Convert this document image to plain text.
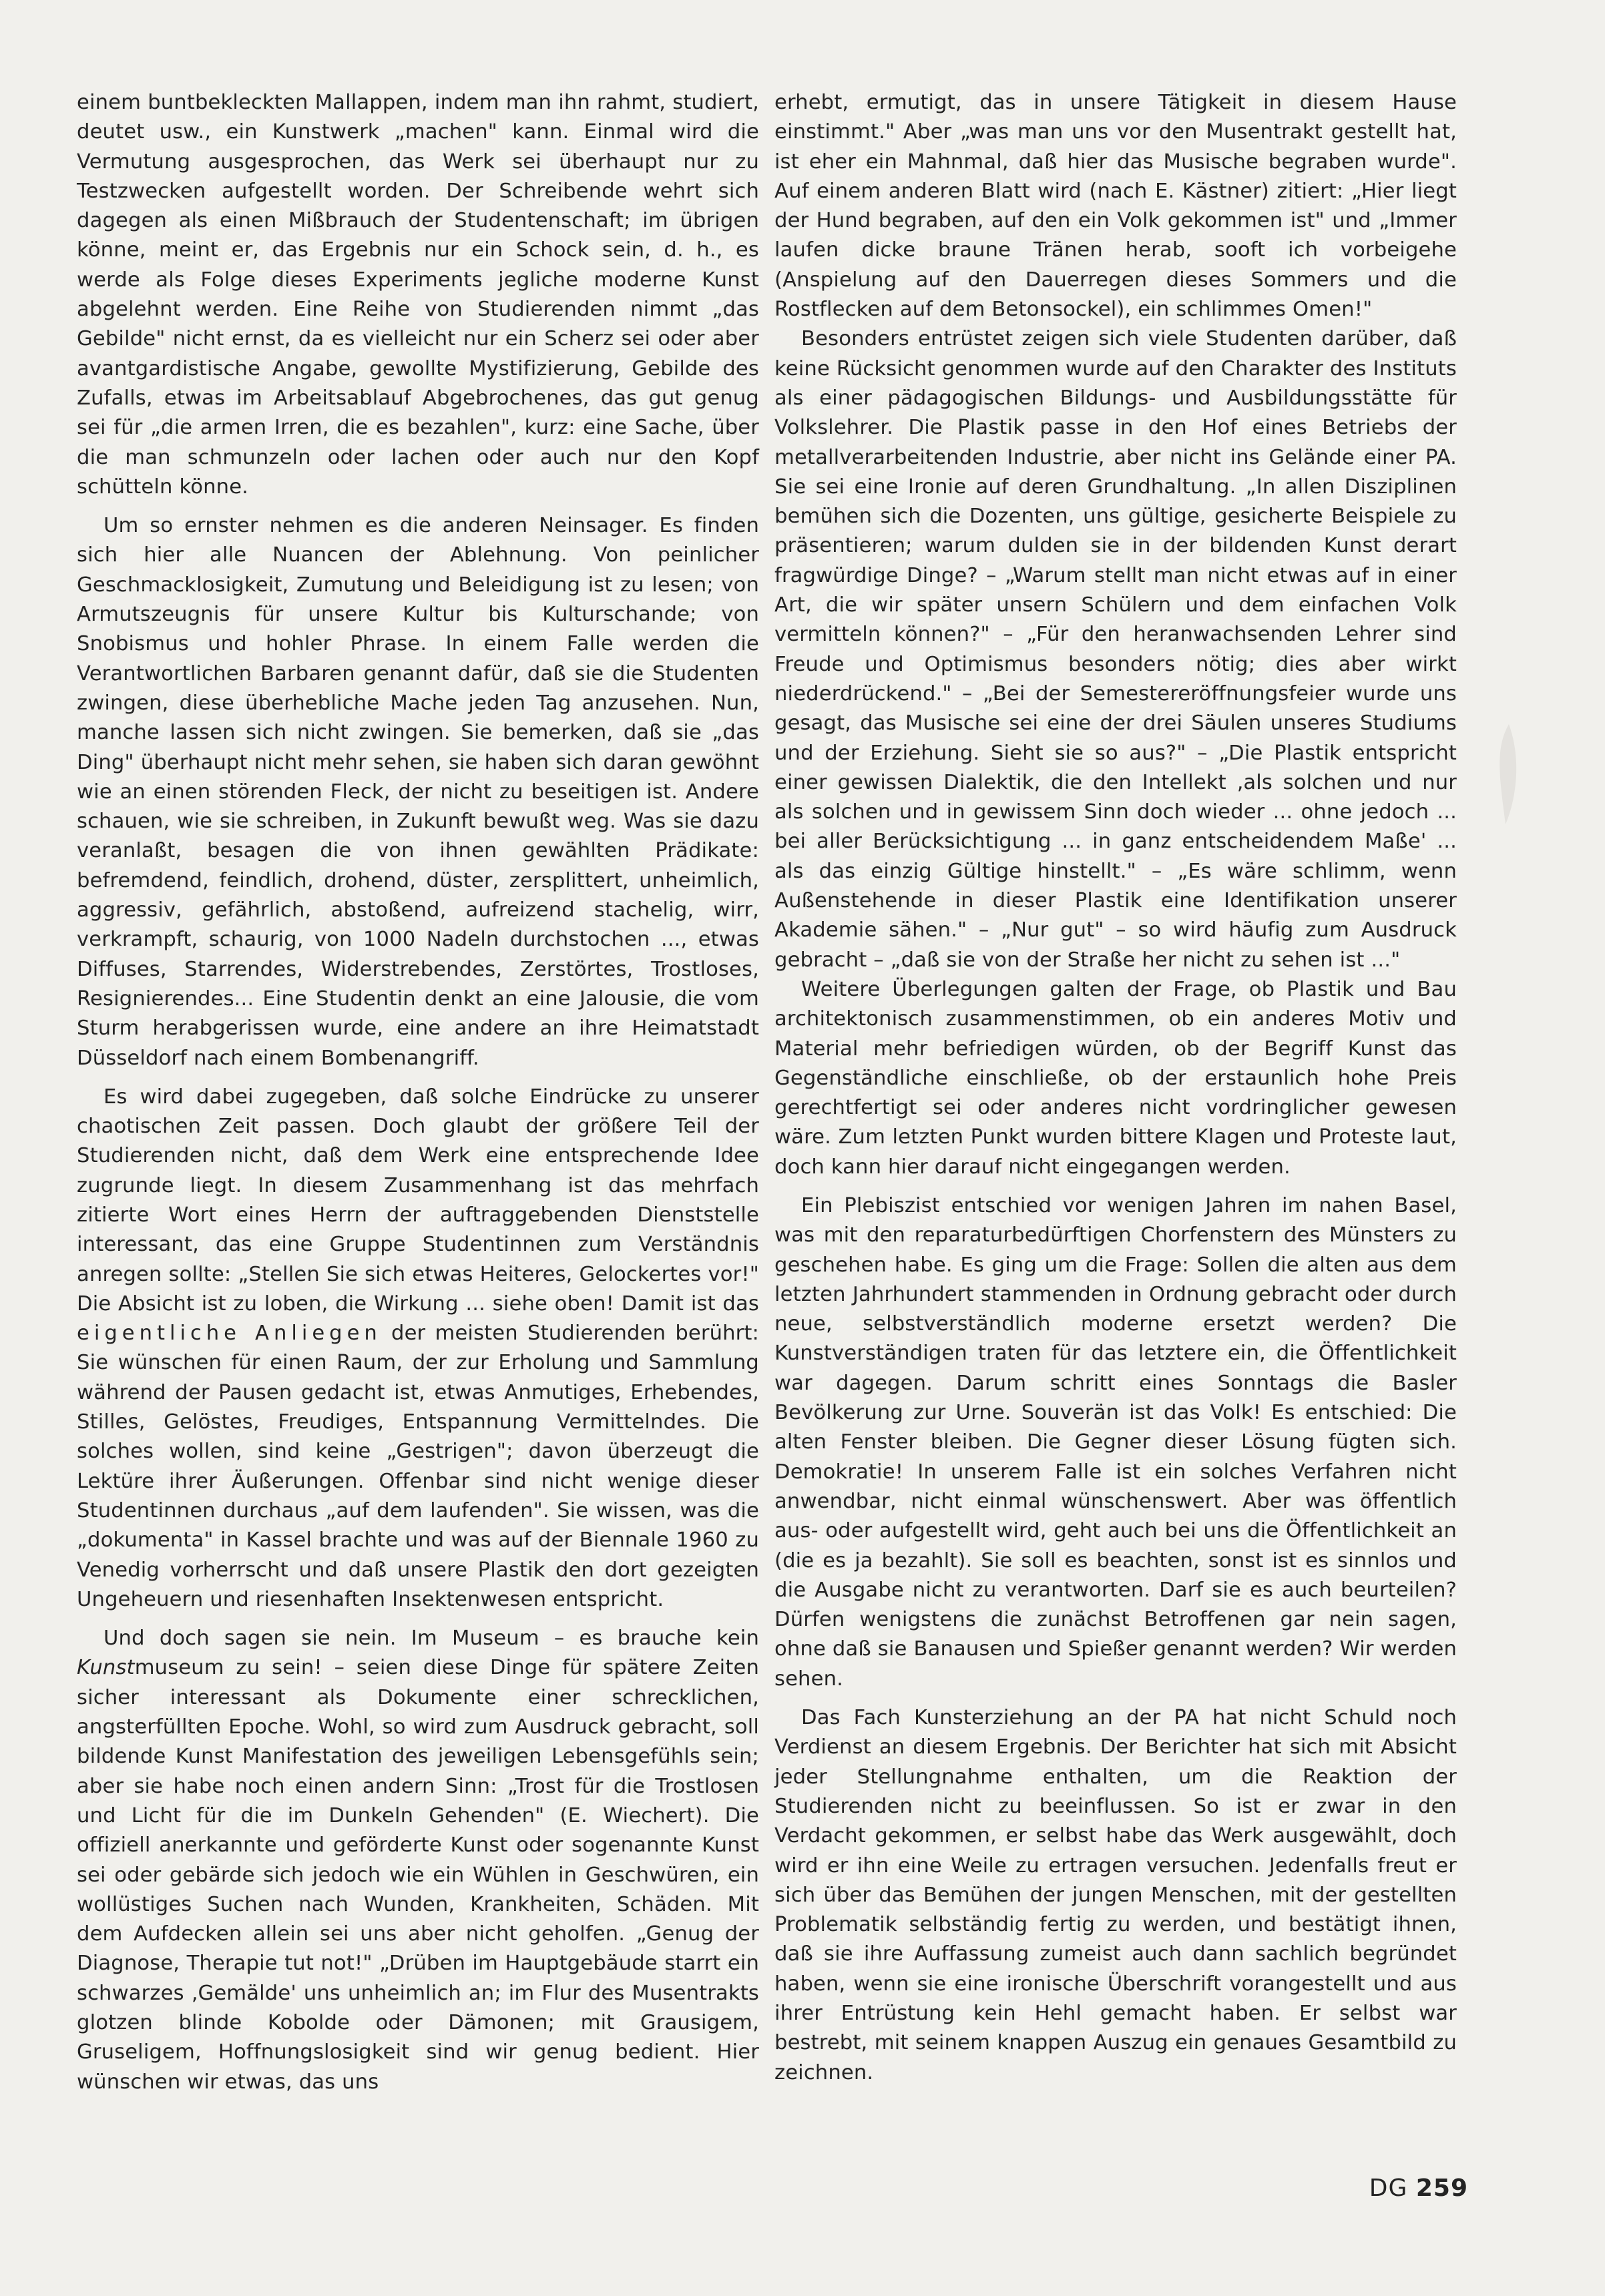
einem buntbekleckten Mallappen, indem man ihn rahmt, studiert, deutet usw., ein Kunstwerk „machen" kann. Einmal wird die Vermutung ausgesprochen, das Werk sei überhaupt nur zu Testzwecken aufgestellt worden. Der Schreibende wehrt sich dagegen als einen Mißbrauch der Studentenschaft; im übrigen könne, meint er, das Ergebnis nur ein Schock sein, d. h., es werde als Folge dieses Experiments jegliche moderne Kunst abgelehnt werden. Eine Reihe von Studierenden nimmt „das Gebilde" nicht ernst, da es vielleicht nur ein Scherz sei oder aber avantgardistische Angabe, gewollte Mystifizierung, Gebilde des Zufalls, etwas im Arbeitsablauf Abgebrochenes, das gut genug sei für „die armen Irren, die es bezahlen", kurz: eine Sache, über die man schmunzeln oder lachen oder auch nur den Kopf schütteln könne.

Um so ernster nehmen es die anderen Neinsager. Es finden sich hier alle Nuancen der Ablehnung. Von peinlicher Geschmacklosigkeit, Zumutung und Beleidigung ist zu lesen; von Armutszeugnis für unsere Kultur bis Kulturschande; von Snobismus und hohler Phrase. In einem Falle werden die Verantwortlichen Barbaren genannt dafür, daß sie die Studenten zwingen, diese überhebliche Mache jeden Tag anzusehen. Nun, manche lassen sich nicht zwingen. Sie bemerken, daß sie „das Ding" überhaupt nicht mehr sehen, sie haben sich daran gewöhnt wie an einen störenden Fleck, der nicht zu beseitigen ist. Andere schauen, wie sie schreiben, in Zukunft bewußt weg. Was sie dazu veranlaßt, besagen die von ihnen gewählten Prädikate: befremdend, feindlich, drohend, düster, zersplittert, unheimlich, aggressiv, gefährlich, abstoßend, aufreizend stachelig, wirr, verkrampft, schaurig, von 1000 Nadeln durchstochen ..., etwas Diffuses, Starrendes, Widerstrebendes, Zerstörtes, Trostloses, Resignierendes... Eine Studentin denkt an eine Jalousie, die vom Sturm herabgerissen wurde, eine andere an ihre Heimatstadt Düsseldorf nach einem Bombenangriff.

Es wird dabei zugegeben, daß solche Eindrücke zu unserer chaotischen Zeit passen. Doch glaubt der größere Teil der Studierenden nicht, daß dem Werk eine entsprechende Idee zugrunde liegt. In diesem Zusammenhang ist das mehrfach zitierte Wort eines Herrn der auftraggebenden Dienststelle interessant, das eine Gruppe Studentinnen zum Verständnis anregen sollte: „Stellen Sie sich etwas Heiteres, Gelockertes vor!" Die Absicht ist zu loben, die Wirkung ... siehe oben! Damit ist das eigentliche Anliegen der meisten Studierenden berührt: Sie wünschen für einen Raum, der zur Erholung und Sammlung während der Pausen gedacht ist, etwas Anmutiges, Erhebendes, Stilles, Gelöstes, Freudiges, Entspannung Vermittelndes. Die solches wollen, sind keine „Gestrigen"; davon überzeugt die Lektüre ihrer Äußerungen. Offenbar sind nicht wenige dieser Studentinnen durchaus „auf dem laufenden". Sie wissen, was die „dokumenta" in Kassel brachte und was auf der Biennale 1960 zu Venedig vorherrscht und daß unsere Plastik den dort gezeigten Ungeheuern und riesenhaften Insektenwesen entspricht.

Und doch sagen sie nein. Im Museum – es brauche kein Kunstmuseum zu sein! – seien diese Dinge für spätere Zeiten sicher interessant als Dokumente einer schrecklichen, angsterfüllten Epoche. Wohl, so wird zum Ausdruck gebracht, soll bildende Kunst Manifestation des jeweiligen Lebensgefühls sein; aber sie habe noch einen andern Sinn: „Trost für die Trostlosen und Licht für die im Dunkeln Gehenden" (E. Wiechert). Die offiziell anerkannte und geförderte Kunst oder sogenannte Kunst sei oder gebärde sich jedoch wie ein Wühlen in Geschwüren, ein wollüstiges Suchen nach Wunden, Krankheiten, Schäden. Mit dem Aufdecken allein sei uns aber nicht geholfen. „Genug der Diagnose, Therapie tut not!" „Drüben im Hauptgebäude starrt ein schwarzes ‚Gemälde' uns unheimlich an; im Flur des Musentrakts glotzen blinde Kobolde oder Dämonen; mit Grausigem, Gruseligem, Hoffnungslosigkeit sind wir genug bedient. Hier wünschen wir etwas, das uns

erhebt, ermutigt, das in unsere Tätigkeit in diesem Hause einstimmt." Aber „was man uns vor den Musentrakt gestellt hat, ist eher ein Mahnmal, daß hier das Musische begraben wurde". Auf einem anderen Blatt wird (nach E. Kästner) zitiert: „Hier liegt der Hund begraben, auf den ein Volk gekommen ist" und „Immer laufen dicke braune Tränen herab, sooft ich vorbeigehe (Anspielung auf den Dauerregen dieses Sommers und die Rostflecken auf dem Betonsockel), ein schlimmes Omen!"

Besonders entrüstet zeigen sich viele Studenten darüber, daß keine Rücksicht genommen wurde auf den Charakter des Instituts als einer pädagogischen Bildungs- und Ausbildungsstätte für Volkslehrer. Die Plastik passe in den Hof eines Betriebs der metallverarbeitenden Industrie, aber nicht ins Gelände einer PA. Sie sei eine Ironie auf deren Grundhaltung. „In allen Disziplinen bemühen sich die Dozenten, uns gültige, gesicherte Beispiele zu präsentieren; warum dulden sie in der bildenden Kunst derart fragwürdige Dinge? – „Warum stellt man nicht etwas auf in einer Art, die wir später unsern Schülern und dem einfachen Volk vermitteln können?" – „Für den heranwachsenden Lehrer sind Freude und Optimismus besonders nötig; dies aber wirkt niederdrückend." – „Bei der Semestereröffnungsfeier wurde uns gesagt, das Musische sei eine der drei Säulen unseres Studiums und der Erziehung. Sieht sie so aus?" – „Die Plastik entspricht einer gewissen Dialektik, die den Intellekt ‚als solchen und nur als solchen und in gewissem Sinn doch wieder ... ohne jedoch ... bei aller Berücksichtigung ... in ganz entscheidendem Maße' ... als das einzig Gültige hinstellt." – „Es wäre schlimm, wenn Außenstehende in dieser Plastik eine Identifikation unserer Akademie sähen." – „Nur gut" – so wird häufig zum Ausdruck gebracht – „daß sie von der Straße her nicht zu sehen ist ..."

Weitere Überlegungen galten der Frage, ob Plastik und Bau architektonisch zusammenstimmen, ob ein anderes Motiv und Material mehr befriedigen würden, ob der Begriff Kunst das Gegenständliche einschließe, ob der erstaunlich hohe Preis gerechtfertigt sei oder anderes nicht vordringlicher gewesen wäre. Zum letzten Punkt wurden bittere Klagen und Proteste laut, doch kann hier darauf nicht eingegangen werden.

Ein Plebiszist entschied vor wenigen Jahren im nahen Basel, was mit den reparaturbedürftigen Chorfenstern des Münsters zu geschehen habe. Es ging um die Frage: Sollen die alten aus dem letzten Jahrhundert stammenden in Ordnung gebracht oder durch neue, selbstverständlich moderne ersetzt werden? Die Kunstverständigen traten für das letztere ein, die Öffentlichkeit war dagegen. Darum schritt eines Sonntags die Basler Bevölkerung zur Urne. Souverän ist das Volk! Es entschied: Die alten Fenster bleiben. Die Gegner dieser Lösung fügten sich. Demokratie! In unserem Falle ist ein solches Verfahren nicht anwendbar, nicht einmal wünschenswert. Aber was öffentlich aus- oder aufgestellt wird, geht auch bei uns die Öffentlichkeit an (die es ja bezahlt). Sie soll es beachten, sonst ist es sinnlos und die Ausgabe nicht zu verantworten. Darf sie es auch beurteilen? Dürfen wenigstens die zunächst Betroffenen gar nein sagen, ohne daß sie Banausen und Spießer genannt werden? Wir werden sehen.

Das Fach Kunsterziehung an der PA hat nicht Schuld noch Verdienst an diesem Ergebnis. Der Berichter hat sich mit Absicht jeder Stellungnahme enthalten, um die Reaktion der Studierenden nicht zu beeinflussen. So ist er zwar in den Verdacht gekommen, er selbst habe das Werk ausgewählt, doch wird er ihn eine Weile zu ertragen versuchen. Jedenfalls freut er sich über das Bemühen der jungen Menschen, mit der gestellten Problematik selbständig fertig zu werden, und bestätigt ihnen, daß sie ihre Auffassung zumeist auch dann sachlich begründet haben, wenn sie eine ironische Überschrift vorangestellt und aus ihrer Entrüstung kein Hehl gemacht haben. Er selbst war bestrebt, mit seinem knappen Auszug ein genaues Gesamtbild zu zeichnen.

DG 259
